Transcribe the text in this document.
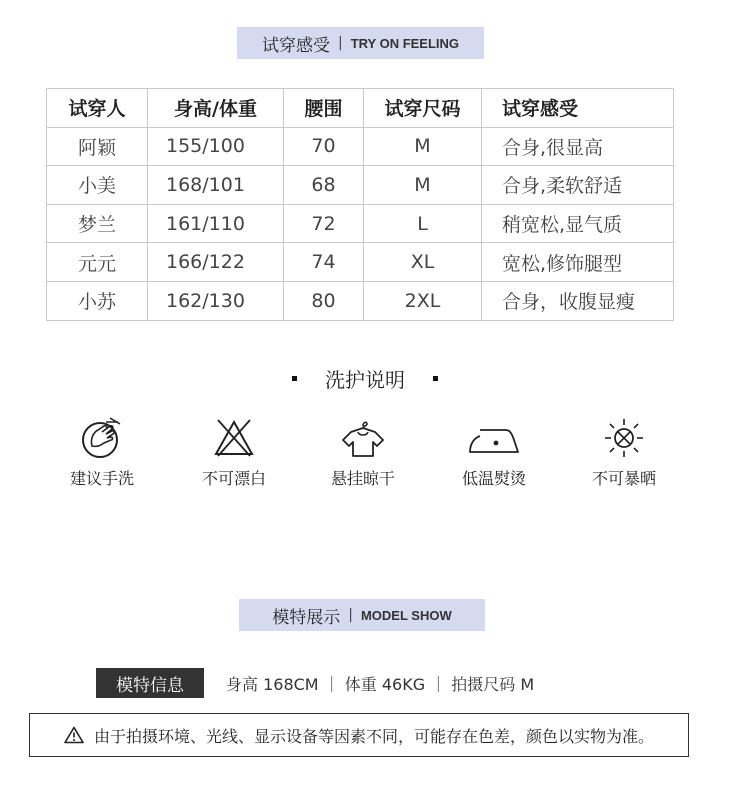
试穿感受 | TRY ON FEELING
试穿人	身高/体重	腰围	试穿尺码	试穿感受
阿颖	155/100	70	M	合身,很显高
小美	168/101	68	M	合身,柔软舒适
梦兰	161/110	72	L	稍宽松,显气质
元元	166/122	74	XL	宽松,修饰腿型
小苏	162/130	80	2XL	合身，收腹显瘦
洗护说明
建议手洗	不可漂白	悬挂晾干	低温熨烫	不可暴晒
模特展示 | MODEL SHOW
模特信息	身高 168CM ｜ 体重 46KG ｜ 拍摄尺码 M
由于拍摄环境、光线、显示设备等因素不同，可能存在色差，颜色以实物为准。
